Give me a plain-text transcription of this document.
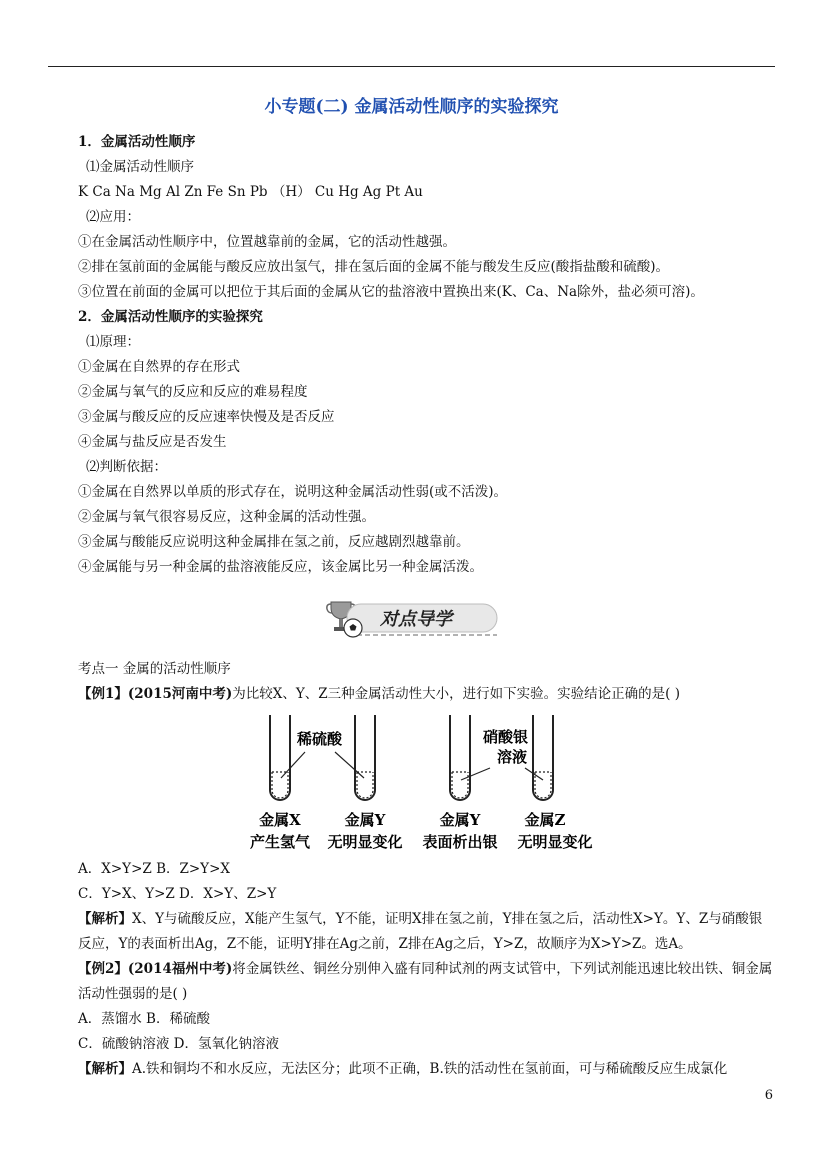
小专题(二) 金属活动性顺序的实验探究
1．金属活动性顺序
⑴金属活动性顺序
K Ca Na Mg Al Zn Fe Sn Pb （H） Cu Hg Ag Pt Au
⑵应用：
①在金属活动性顺序中，位置越靠前的金属，它的活动性越强。
②排在氢前面的金属能与酸反应放出氢气，排在氢后面的金属不能与酸发生反应(酸指盐酸和硫酸)。
③位置在前面的金属可以把位于其后面的金属从它的盐溶液中置换出来(K、Ca、Na除外，盐必须可溶)。
2．金属活动性顺序的实验探究
⑴原理：
①金属在自然界的存在形式
②金属与氧气的反应和反应的难易程度
③金属与酸反应的反应速率快慢及是否反应
④金属与盐反应是否发生
⑵判断依据：
①金属在自然界以单质的形式存在，说明这种金属活动性弱(或不活泼)。
②金属与氧气很容易反应，这种金属的活动性强。
③金属与酸能反应说明这种金属排在氢之前，反应越剧烈越靠前。
④金属能与另一种金属的盐溶液能反应，该金属比另一种金属活泼。
对点导学
考点一 金属的活动性顺序
稀硫酸	硝酸银
溶液
金属X	金属Y	金属Y	金属Z
产生氢气 无明显变化 表面析出银 无明显变化
【例1】(2015河南中考)为比较X、Y、Z三种金属活动性大小，进行如下实验。实验结论正确的是( )
A．X>Y>Z B．Z>Y>X
C．Y>X、Y>Z D．X>Y、Z>Y
【解析】X、Y与硫酸反应，X能产生氢气，Y不能，证明X排在氢之前，Y排在氢之后，活动性X>Y。Y、Z与硝酸银反应，Y的表面析出Ag，Z不能，证明Y排在Ag之前，Z排在Ag之后，Y>Z，故顺序为X>Y>Z。选A。
【例2】(2014福州中考)将金属铁丝、铜丝分别伸入盛有同种试剂的两支试管中，下列试剂能迅速比较出铁、铜金属活动性强弱的是( )
A．蒸馏水 B．稀硫酸
C．硫酸钠溶液 D．氢氧化钠溶液
【解析】A.铁和铜均不和水反应，无法区分；此项不正确，B.铁的活动性在氢前面，可与稀硫酸反应生成氯化
6
